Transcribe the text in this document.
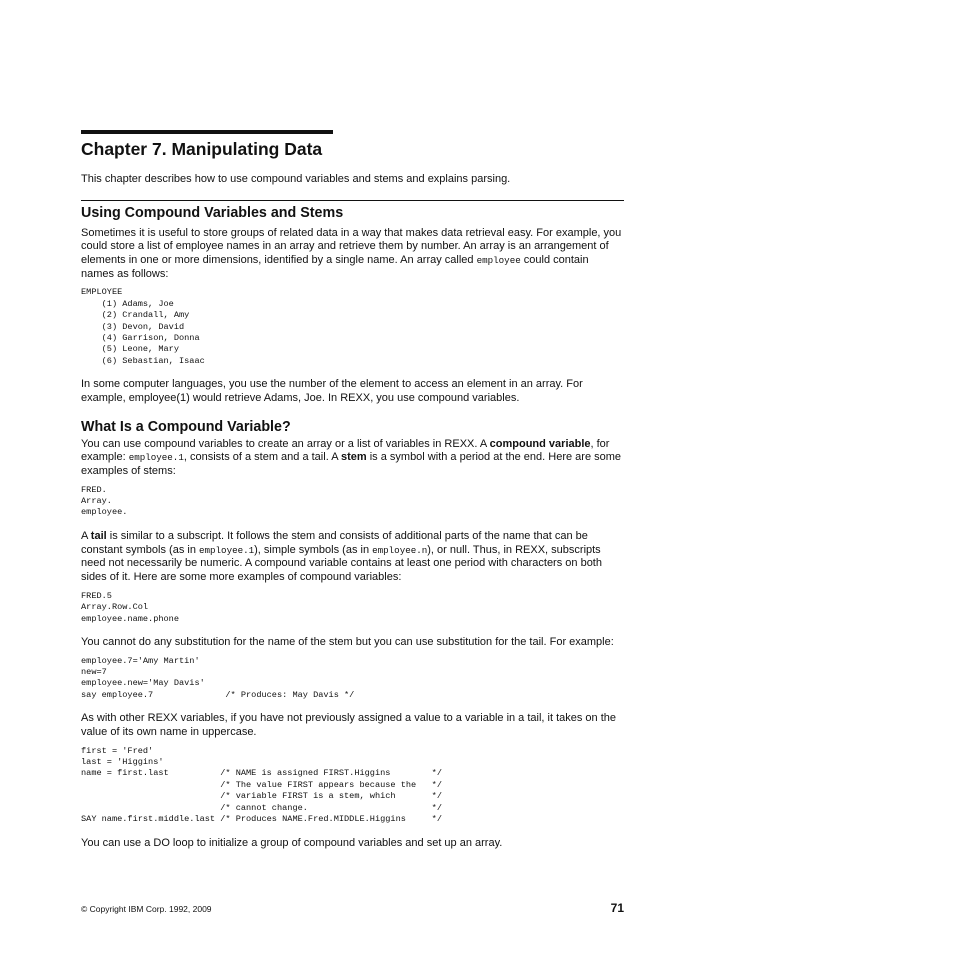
Chapter 7. Manipulating Data

This chapter describes how to use compound variables and stems and explains parsing.

Using Compound Variables and Stems

Sometimes it is useful to store groups of related data in a way that makes data retrieval easy. For example, you could store a list of employee names in an array and retrieve them by number. An array is an arrangement of elements in one or more dimensions, identified by a single name. An array called employee could contain names as follows:

EMPLOYEE
(1) Adams, Joe
(2) Crandall, Amy
(3) Devon, David
(4) Garrison, Donna
(5) Leone, Mary
(6) Sebastian, Isaac

In some computer languages, you use the number of the element to access an element in an array. For example, employee(1) would retrieve Adams, Joe. In REXX, you use compound variables.

What Is a Compound Variable?

You can use compound variables to create an array or a list of variables in REXX. A compound variable, for example: employee.1, consists of a stem and a tail. A stem is a symbol with a period at the end. Here are some examples of stems:

FRED.
Array.
employee.

A tail is similar to a subscript. It follows the stem and consists of additional parts of the name that can be constant symbols (as in employee.1), simple symbols (as in employee.n), or null. Thus, in REXX, subscripts need not necessarily be numeric. A compound variable contains at least one period with characters on both sides of it. Here are some more examples of compound variables:

FRED.5
Array.Row.Col
employee.name.phone

You cannot do any substitution for the name of the stem but you can use substitution for the tail. For example:

employee.7='Amy Martin'
new=7
employee.new='May Davis'
say employee.7              /* Produces: May Davis */

As with other REXX variables, if you have not previously assigned a value to a variable in a tail, it takes on the value of its own name in uppercase.

first = 'Fred'
last = 'Higgins'
name = first.last          /* NAME is assigned FIRST.Higgins        */
/* The value FIRST appears because the   */
/* variable FIRST is a stem, which       */
/* cannot change.                        */
SAY name.first.middle.last /* Produces NAME.Fred.MIDDLE.Higgins     */

You can use a DO loop to initialize a group of compound variables and set up an array.

© Copyright IBM Corp. 1992, 2009	71
